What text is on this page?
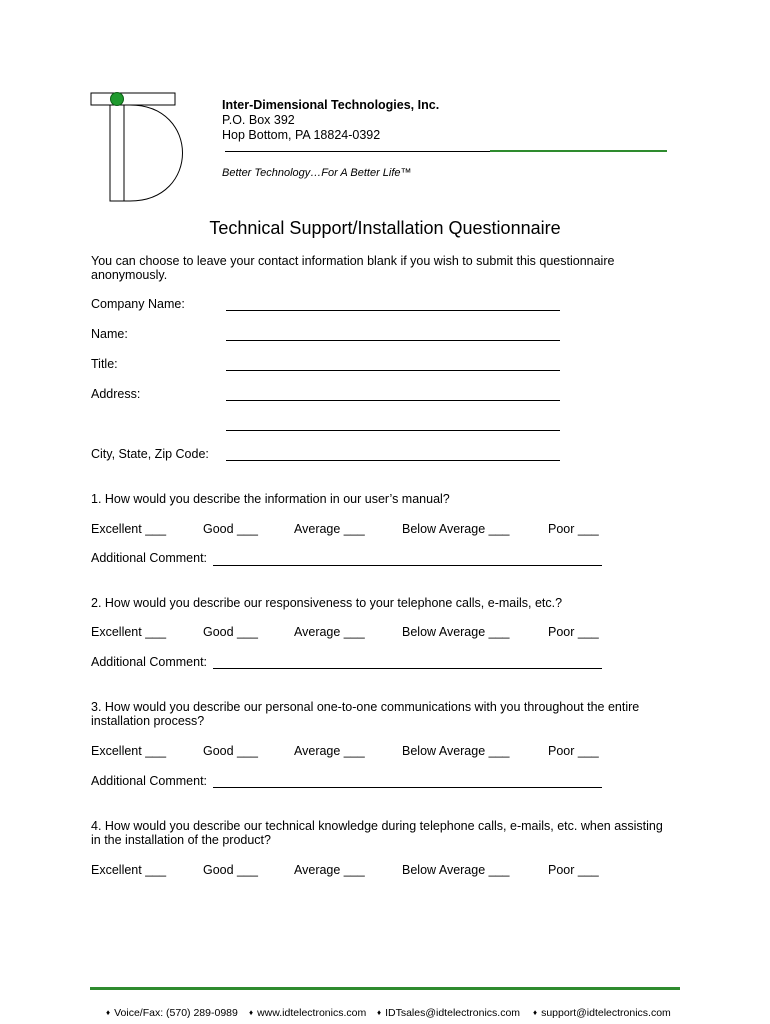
Inter-Dimensional Technologies, Inc.
P.O. Box 392
Hop Bottom, PA 18824-0392
Better Technology…For A Better Life™
Technical Support/Installation Questionnaire
You can choose to leave your contact information blank if you wish to submit this questionnaire
anonymously.
Company Name:
Name:
Title:
Address:
City, State, Zip Code:
1. How would you describe the information in our user’s manual?
Excellent ___	Good ___	Average ___	Below Average ___	Poor ___
Additional Comment:
2. How would you describe our responsiveness to your telephone calls, e-mails, etc.?
Excellent ___	Good ___	Average ___	Below Average ___	Poor ___
Additional Comment:
3. How would you describe our personal one-to-one communications with you throughout the entire
installation process?
Excellent ___	Good ___	Average ___	Below Average ___	Poor ___
Additional Comment:
4. How would you describe our technical knowledge during telephone calls, e-mails, etc. when assisting
in the installation of the product?
Excellent ___	Good ___	Average ___	Below Average ___	Poor ___
♦ Voice/Fax: (570) 289-0989 ♦ www.idtelectronics.com ♦ IDTsales@idtelectronics.com ♦ support@idtelectronics.com
